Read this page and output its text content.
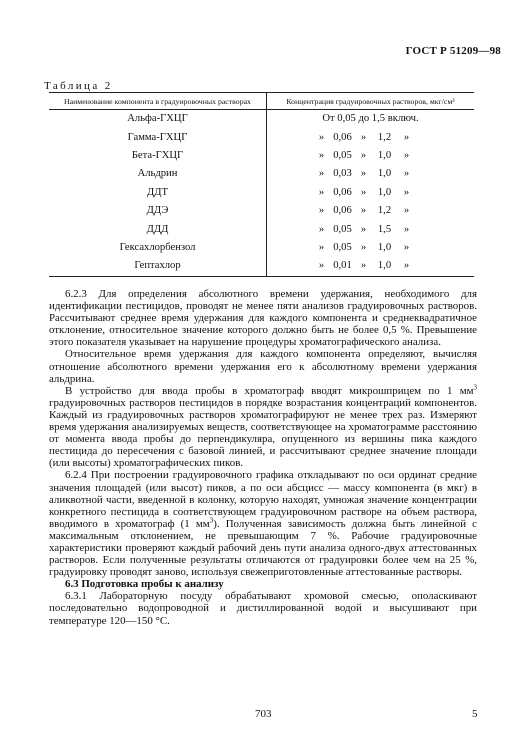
ГОСТ Р 51209—98
Таблица 2
Наименование компонента в градуировочных растворах	Концентрация градуировочных растворов, мкг/см³
Альфа-ГХЦГ	От 0,05 до 1,5 включ.
Гамма-ГХЦГ	» 0,06 » 1,2 »
Бета-ГХЦГ	» 0,05 » 1,0 »
Альдрин	» 0,03 » 1,0 »
ДДТ	» 0,06 » 1,0 »
ДДЭ	» 0,06 » 1,2 »
ДДД	» 0,05 » 1,5 »
Гексахлорбензол	» 0,05 » 1,0 »
Гептахлор	» 0,01 » 1,0 »

6.2.3 Для определения абсолютного времени удержания, необходимого для идентификации пестицидов, проводят не менее пяти анализов градуировочных растворов. Рассчитывают среднее время удержания для каждого компонента и среднеквадратичное отклонение, относительное значение которого должно быть не более 0,5 %. Превышение этого показателя указывает на нарушение процедуры хроматографического анализа.

Относительное время удержания для каждого компонента определяют, вычисляя отношение абсолютного времени удержания его к абсолютному времени удержания альдрина.

В устройство для ввода пробы в хроматограф вводят микрошприцем по 1 $мм^3$ градуировочных растворов пестицидов в порядке возрастания концентраций компонентов. Каждый из градуировочных растворов хроматографируют не менее трех раз. Измеряют время удержания анализируемых веществ, соответствующее на хроматограмме расстоянию от момента ввода пробы до перпендикуляра, опущенного из вершины пика каждого пестицида до пересечения с базовой линией, и рассчитывают среднее значение площади (или высоты) хроматографических пиков.

6.2.4 При построении градуировочного графика откладывают по оси ординат средние значения площадей (или высот) пиков, а по оси абсцисс — массу компонента (в мкг) в аликвотной части, введенной в колонку, которую находят, умножая значение концентрации конкретного пестицида в соответствующем градуировочном растворе на объем раствора, вводимого в хроматограф (1 $мм^3$). Полученная зависимость должна быть линейной с максимальным отклонением, не превышающим 7 %. Рабочие градуировочные характеристики проверяют каждый рабочий день пути анализа одного-двух аттестованных растворов. Если полученные результаты отличаются от градуировки более чем на 25 %, градуировку проводят заново, используя свежеприготовленные аттестованные растворы.

6.3 Подготовка пробы к анализу

6.3.1 Лабораторную посуду обрабатывают хромовой смесью, ополаскивают последовательно водопроводной и дистиллированной водой и высушивают при температуре 120—150 °C.

703	5
